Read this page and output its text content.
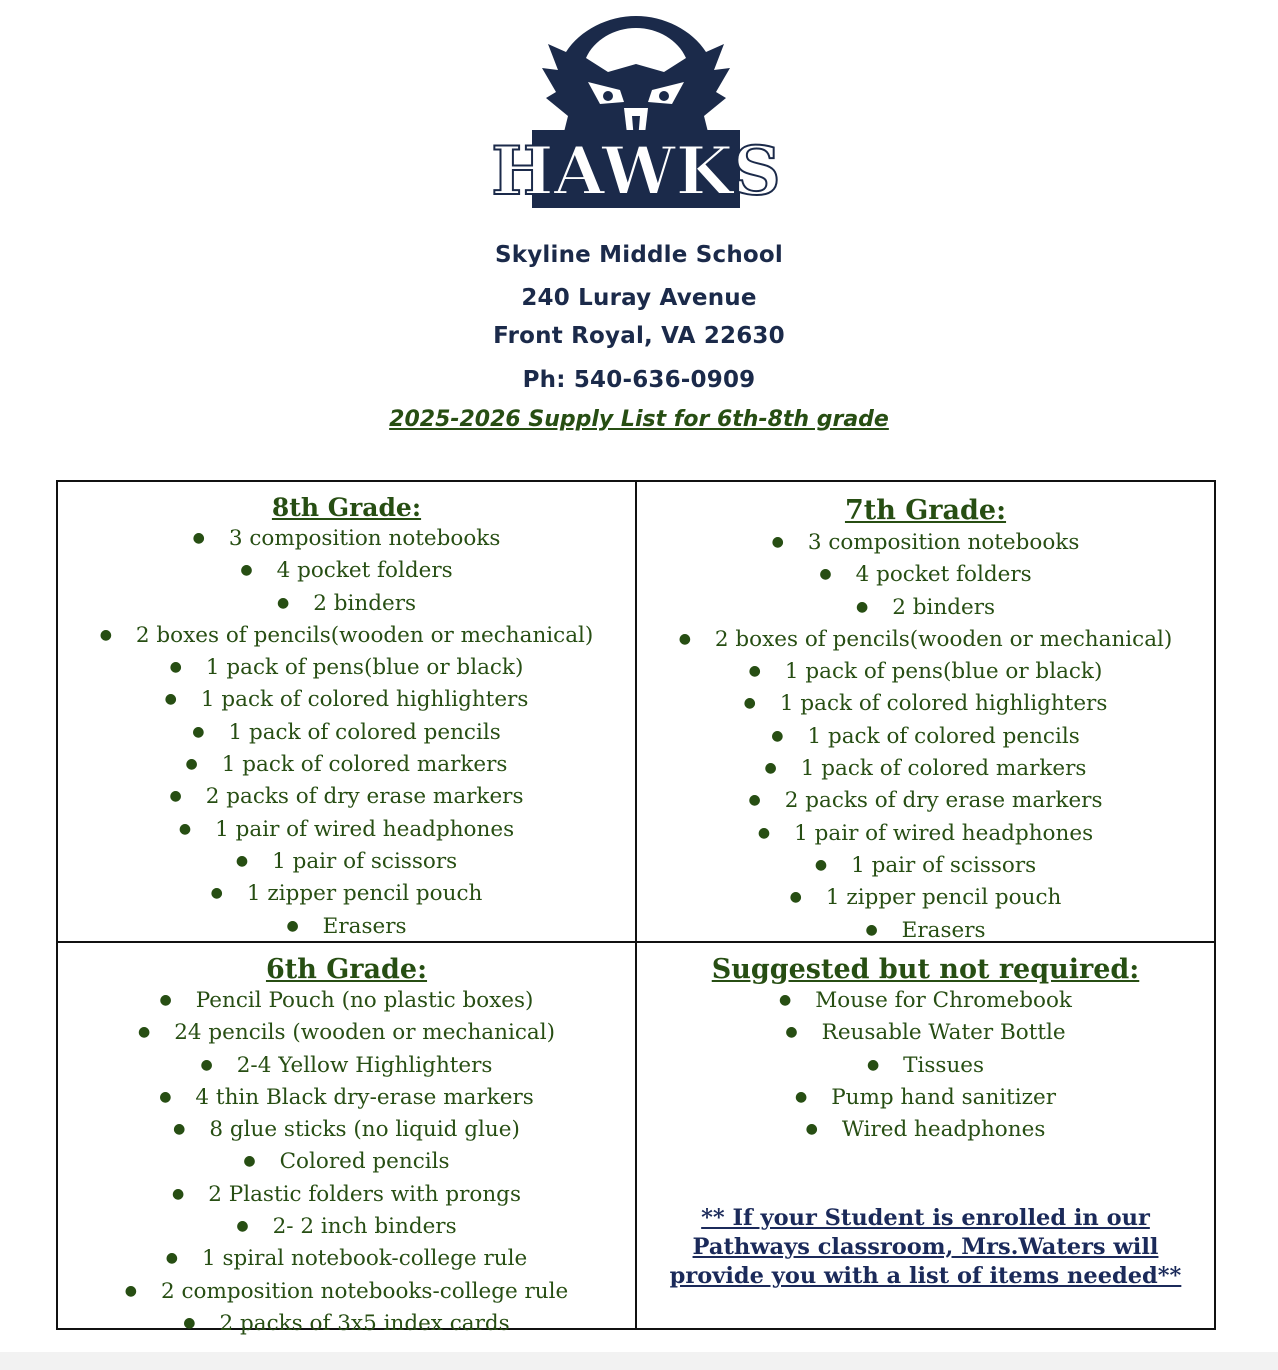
HAWKS
Skyline Middle School
240 Luray Avenue
Front Royal, VA 22630
Ph: 540-636-0909
2025-2026 Supply List for 6th-8th grade
8th Grade:
● 3 composition notebooks
● 4 pocket folders
● 2 binders
● 2 boxes of pencils(wooden or mechanical)
● 1 pack of pens(blue or black)
● 1 pack of colored highlighters
● 1 pack of colored pencils
● 1 pack of colored markers
● 2 packs of dry erase markers
● 1 pair of wired headphones
● 1 pair of scissors
● 1 zipper pencil pouch
● Erasers
7th Grade:
● 3 composition notebooks
● 4 pocket folders
● 2 binders
● 2 boxes of pencils(wooden or mechanical)
● 1 pack of pens(blue or black)
● 1 pack of colored highlighters
● 1 pack of colored pencils
● 1 pack of colored markers
● 2 packs of dry erase markers
● 1 pair of wired headphones
● 1 pair of scissors
● 1 zipper pencil pouch
● Erasers
6th Grade:
● Pencil Pouch (no plastic boxes)
● 24 pencils (wooden or mechanical)
● 2-4 Yellow Highlighters
● 4 thin Black dry-erase markers
● 8 glue sticks (no liquid glue)
● Colored pencils
● 2 Plastic folders with prongs
● 2- 2 inch binders
● 1 spiral notebook-college rule
● 2 composition notebooks-college rule
● 2 packs of 3x5 index cards
Suggested but not required:
● Mouse for Chromebook
● Reusable Water Bottle
● Tissues
● Pump hand sanitizer
● Wired headphones
** If your Student is enrolled in our
Pathways classroom, Mrs.Waters will
provide you with a list of items needed**
